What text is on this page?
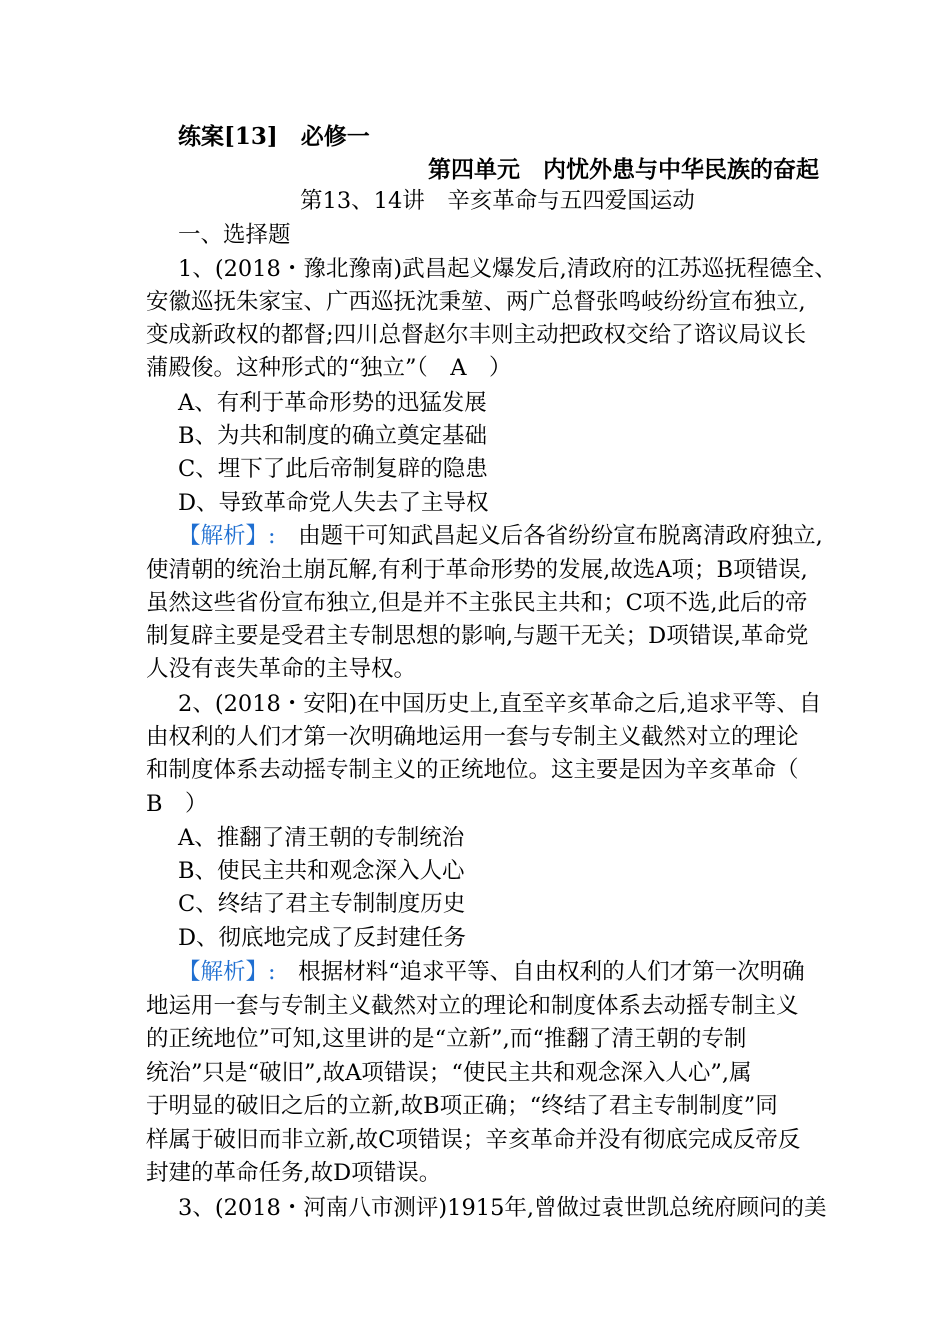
练案[13]　必修一
第四单元　内忧外患与中华民族的奋起
第13、14讲　辛亥革命与五四爱国运动
一、选择题
1、(2018・豫北豫南)武昌起义爆发后,清政府的江苏巡抚程德全、
安徽巡抚朱家宝、广西巡抚沈秉堃、两广总督张鸣岐纷纷宣布独立,
变成新政权的都督;四川总督赵尔丰则主动把政权交给了谘议局议长
蒲殿俊。这种形式的“独立”（　A　）
A、有利于革命形势的迅猛发展
B、为共和制度的确立奠定基础
C、埋下了此后帝制复辟的隐患
D、导致革命党人失去了主导权
【解析】:　由题干可知武昌起义后各省纷纷宣布脱离清政府独立,
使清朝的统治土崩瓦解,有利于革命形势的发展,故选A项；B项错误,
虽然这些省份宣布独立,但是并不主张民主共和；C项不选,此后的帝
制复辟主要是受君主专制思想的影响,与题干无关；D项错误,革命党
人没有丧失革命的主导权。
2、(2018・安阳)在中国历史上,直至辛亥革命之后,追求平等、自
由权利的人们才第一次明确地运用一套与专制主义截然对立的理论
和制度体系去动摇专制主义的正统地位。这主要是因为辛亥革命（
B　）
A、推翻了清王朝的专制统治
B、使民主共和观念深入人心
C、终结了君主专制制度历史
D、彻底地完成了反封建任务
【解析】:　根据材料“追求平等、自由权利的人们才第一次明确
地运用一套与专制主义截然对立的理论和制度体系去动摇专制主义
的正统地位”可知,这里讲的是“立新”,而“推翻了清王朝的专制
统治”只是“破旧”,故A项错误；“使民主共和观念深入人心”,属
于明显的破旧之后的立新,故B项正确；“终结了君主专制制度”同
样属于破旧而非立新,故C项错误；辛亥革命并没有彻底完成反帝反
封建的革命任务,故D项错误。
3、(2018・河南八市测评)1915年,曾做过袁世凯总统府顾问的美
